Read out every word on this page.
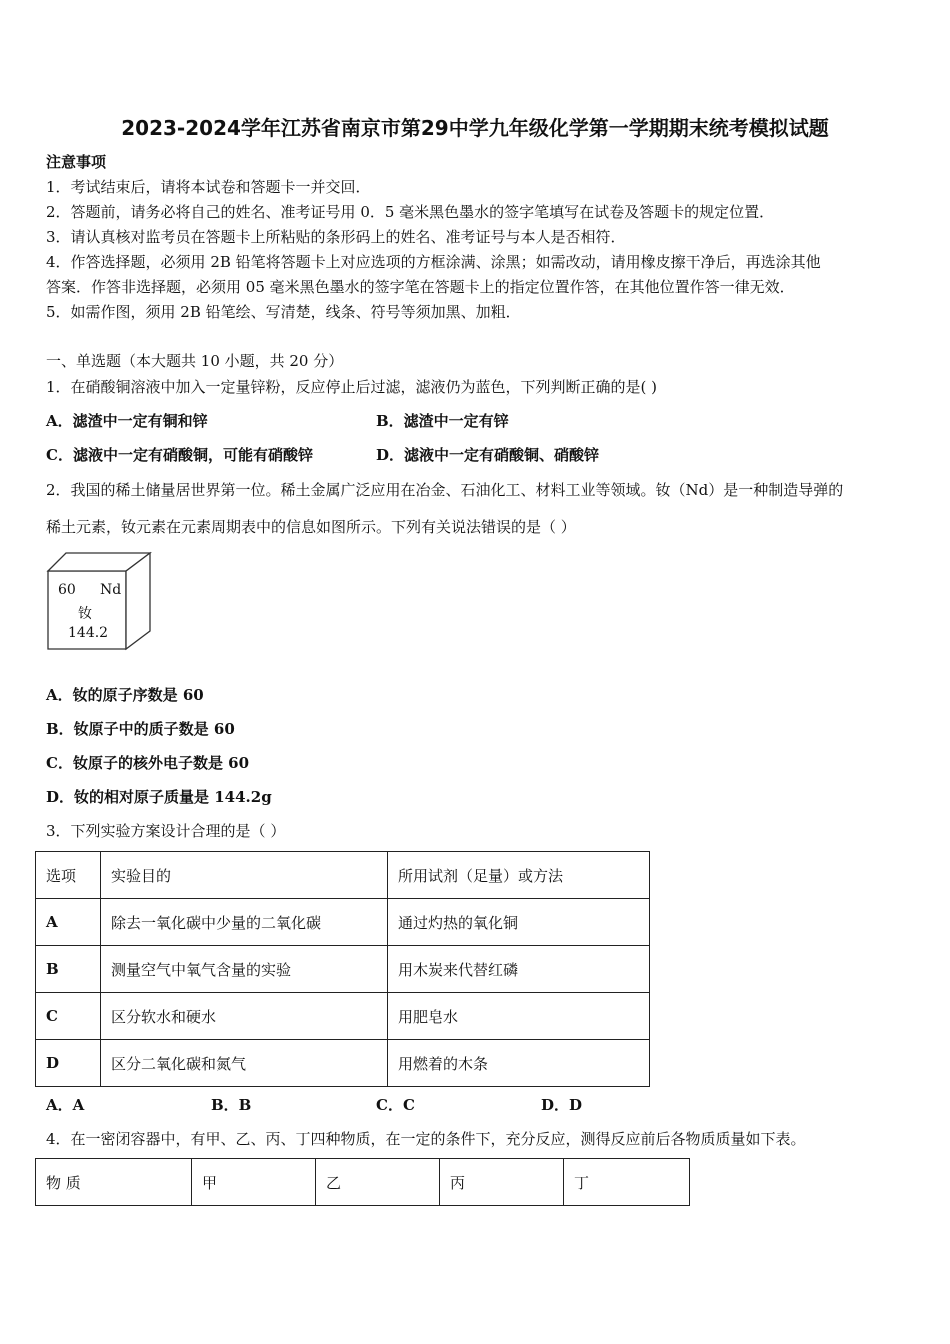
2023-2024学年江苏省南京市第29中学九年级化学第一学期期末统考模拟试题
注意事项
1．考试结束后，请将本试卷和答题卡一并交回．
2．答题前，请务必将自己的姓名、准考证号用 0．5 毫米黑色墨水的签字笔填写在试卷及答题卡的规定位置．
3．请认真核对监考员在答题卡上所粘贴的条形码上的姓名、准考证号与本人是否相符．
4．作答选择题，必须用 2B 铅笔将答题卡上对应选项的方框涂满、涂黑；如需改动，请用橡皮擦干净后，再选涂其他
答案．作答非选择题，必须用 05 毫米黑色墨水的签字笔在答题卡上的指定位置作答，在其他位置作答一律无效．
5．如需作图，须用 2B 铅笔绘、写清楚，线条、符号等须加黑、加粗．
一、单选题（本大题共 10 小题，共 20 分）
1．在硝酸铜溶液中加入一定量锌粉，反应停止后过滤，滤液仍为蓝色，下列判断正确的是( )
A．滤渣中一定有铜和锌	B．滤渣中一定有锌
C．滤液中一定有硝酸铜，可能有硝酸锌	D．滤液中一定有硝酸铜、硝酸锌
2．我国的稀土储量居世界第一位。稀土金属广泛应用在冶金、石油化工、材料工业等领域。钕（Nd）是一种制造导弹的
稀土元素，钕元素在元素周期表中的信息如图所示。下列有关说法错误的是（ ）
60 Nd
钕
144.2
A．钕的原子序数是 60
B．钕原子中的质子数是 60
C．钕原子的核外电子数是 60
D．钕的相对原子质量是 144.2g
3．下列实验方案设计合理的是（ ）
选项	实验目的	所用试剂（足量）或方法
A	除去一氧化碳中少量的二氧化碳	通过灼热的氧化铜
B	测量空气中氧气含量的实验	用木炭来代替红磷
C	区分软水和硬水	用肥皂水
D	区分二氧化碳和氮气	用燃着的木条
A．A	B．B	C．C	D．D
4．在一密闭容器中，有甲、乙、丙、丁四种物质，在一定的条件下，充分反应，测得反应前后各物质质量如下表。
物 质	甲	乙	丙	丁
